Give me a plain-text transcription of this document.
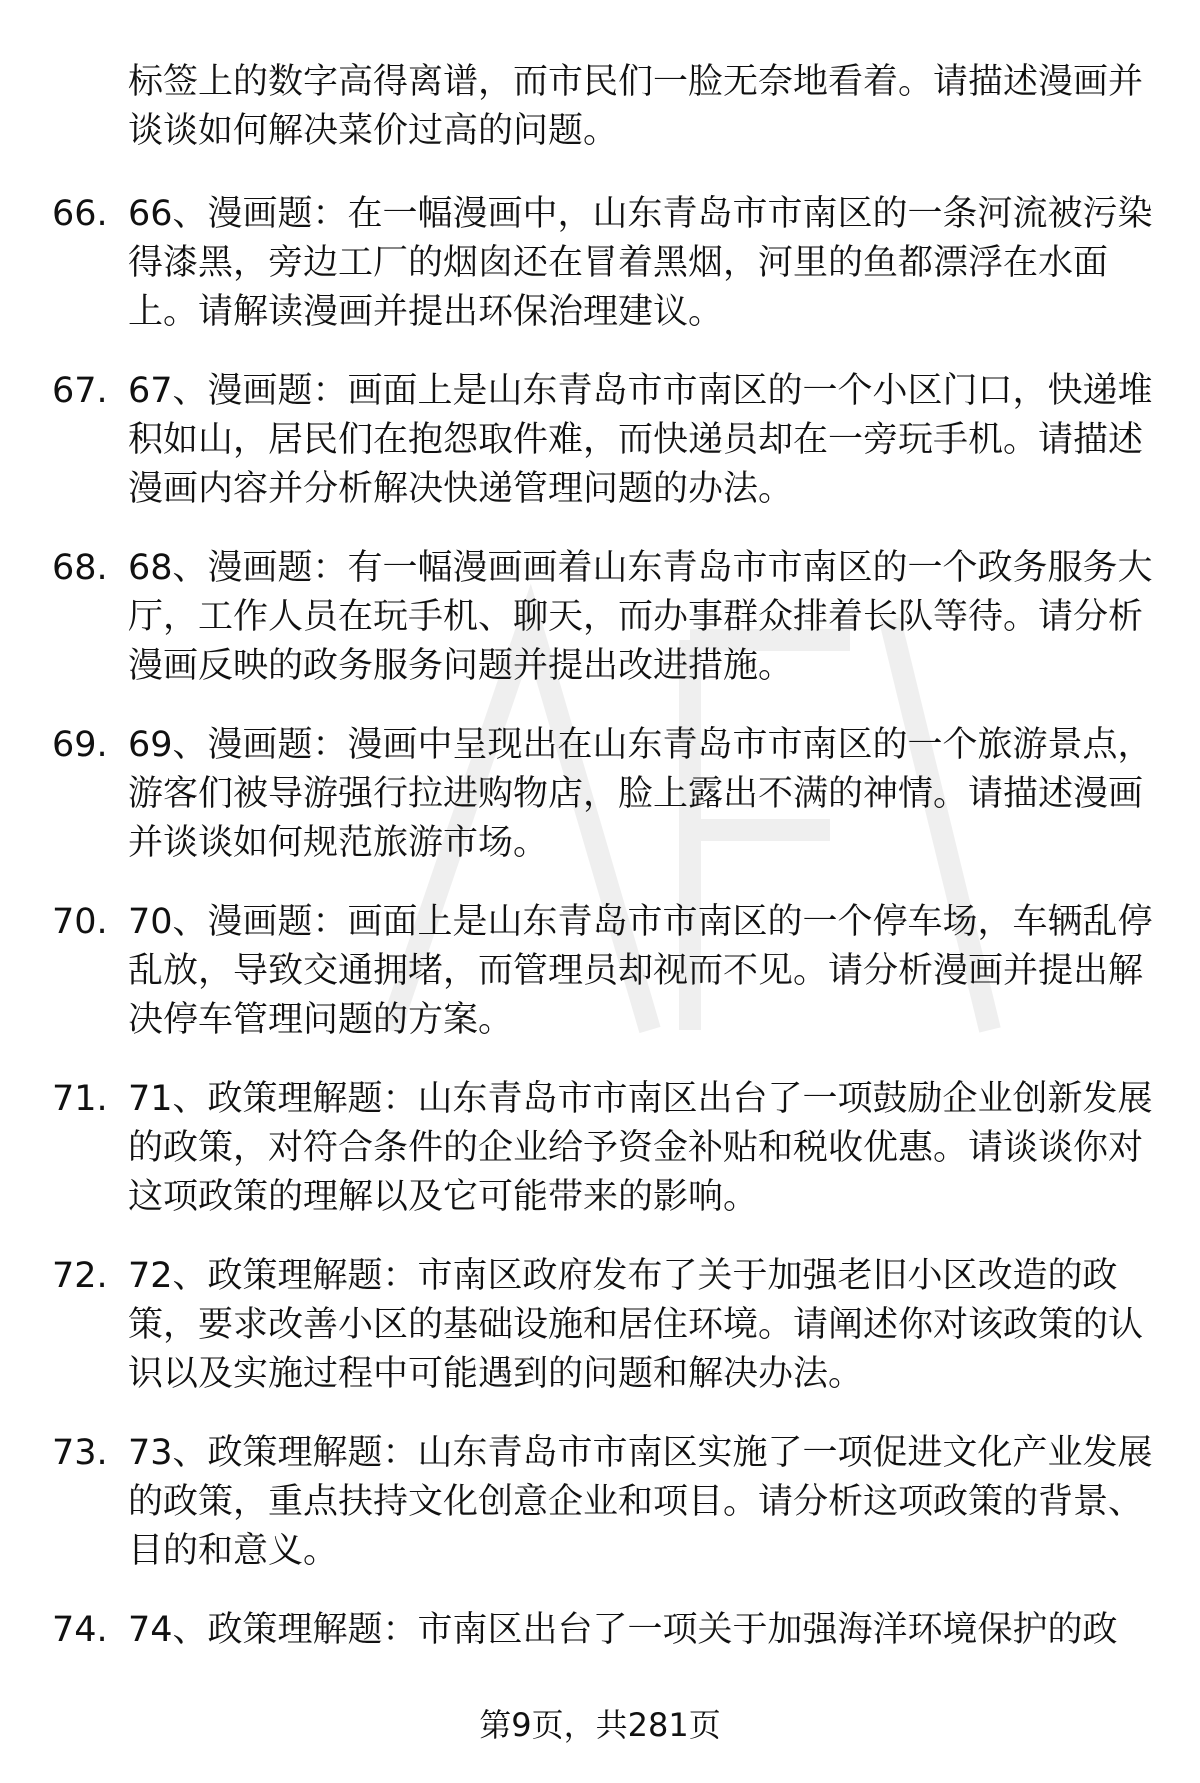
标签上的数字高得离谱，而市民们一脸无奈地看着。请描述漫画并谈谈如何解决菜价过高的问题。

66. 66、漫画题：在一幅漫画中，山东青岛市市南区的一条河流被污染得漆黑，旁边工厂的烟囱还在冒着黑烟，河里的鱼都漂浮在水面上。请解读漫画并提出环保治理建议。

67. 67、漫画题：画面上是山东青岛市市南区的一个小区门口，快递堆积如山，居民们在抱怨取件难，而快递员却在一旁玩手机。请描述漫画内容并分析解决快递管理问题的办法。

68. 68、漫画题：有一幅漫画画着山东青岛市市南区的一个政务服务大厅，工作人员在玩手机、聊天，而办事群众排着长队等待。请分析漫画反映的政务服务问题并提出改进措施。

69. 69、漫画题：漫画中呈现出在山东青岛市市南区的一个旅游景点，游客们被导游强行拉进购物店，脸上露出不满的神情。请描述漫画并谈谈如何规范旅游市场。

70. 70、漫画题：画面上是山东青岛市市南区的一个停车场，车辆乱停乱放，导致交通拥堵，而管理员却视而不见。请分析漫画并提出解决停车管理问题的方案。

71. 71、政策理解题：山东青岛市市南区出台了一项鼓励企业创新发展的政策，对符合条件的企业给予资金补贴和税收优惠。请谈谈你对这项政策的理解以及它可能带来的影响。

72. 72、政策理解题：市南区政府发布了关于加强老旧小区改造的政策，要求改善小区的基础设施和居住环境。请阐述你对该政策的认识以及实施过程中可能遇到的问题和解决办法。

73. 73、政策理解题：山东青岛市市南区实施了一项促进文化产业发展的政策，重点扶持文化创意企业和项目。请分析这项政策的背景、目的和意义。

74. 74、政策理解题：市南区出台了一项关于加强海洋环境保护的政

第9页，共281页
